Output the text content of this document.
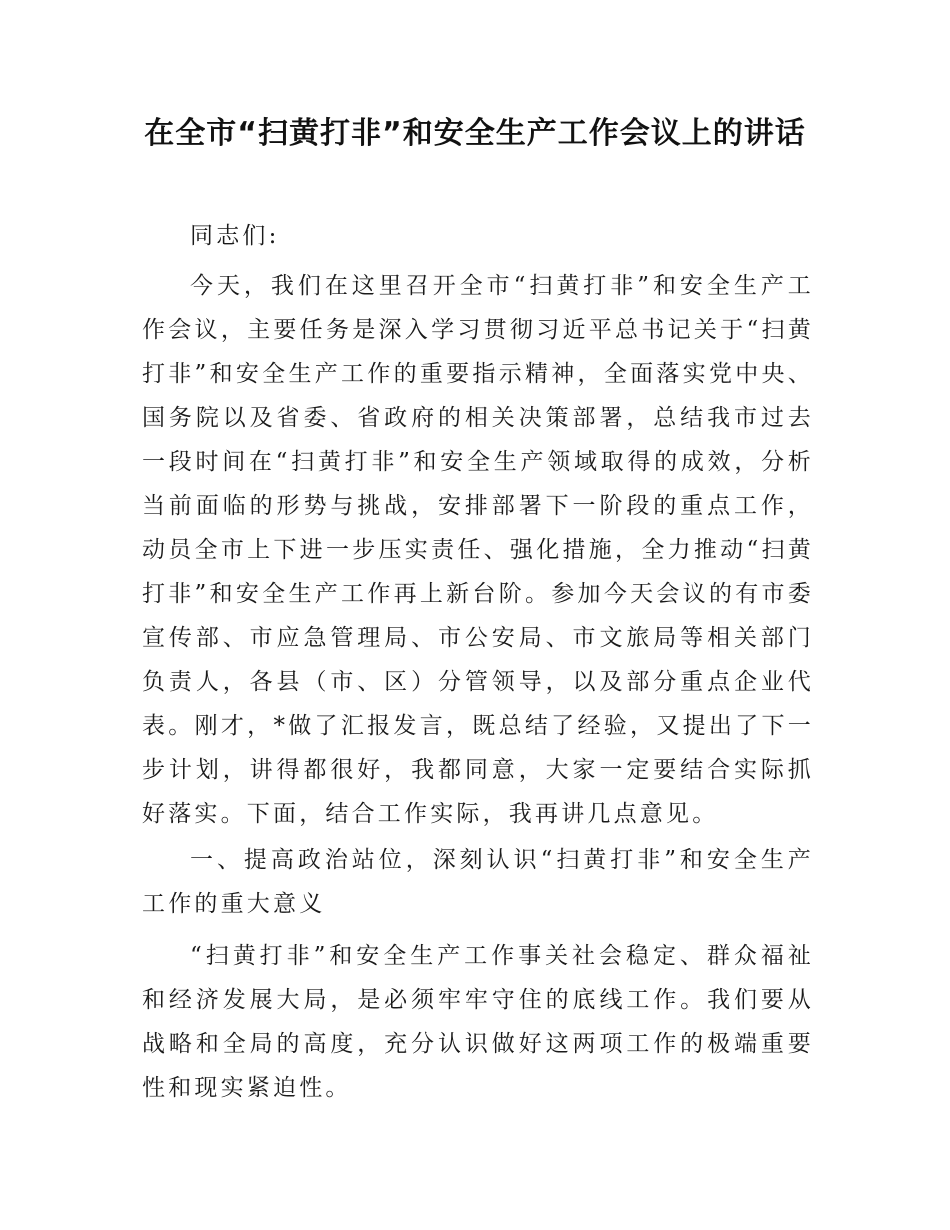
在全市“扫黄打非”和安全生产工作会议上的讲话
同志们:
今天，我们在这里召开全市“扫黄打非”和安全生产工作会议，主要任务是深入学习贯彻习近平总书记关于“扫黄打非”和安全生产工作的重要指示精神，全面落实党中央、国务院以及省委、省政府的相关决策部署，总结我市过去一段时间在“扫黄打非”和安全生产领域取得的成效，分析当前面临的形势与挑战，安排部署下一阶段的重点工作，动员全市上下进一步压实责任、强化措施，全力推动“扫黄打非”和安全生产工作再上新台阶。参加今天会议的有市委宣传部、市应急管理局、市公安局、市文旅局等相关部门负责人，各县（市、区）分管领导，以及部分重点企业代表。刚才，*做了汇报发言，既总结了经验，又提出了下一步计划，讲得都很好，我都同意，大家一定要结合实际抓好落实。下面，结合工作实际，我再讲几点意见。
一、提高政治站位，深刻认识“扫黄打非”和安全生产工作的重大意义
“扫黄打非”和安全生产工作事关社会稳定、群众福祉和经济发展大局，是必须牢牢守住的底线工作。我们要从战略和全局的高度，充分认识做好这两项工作的极端重要性和现实紧迫性。
